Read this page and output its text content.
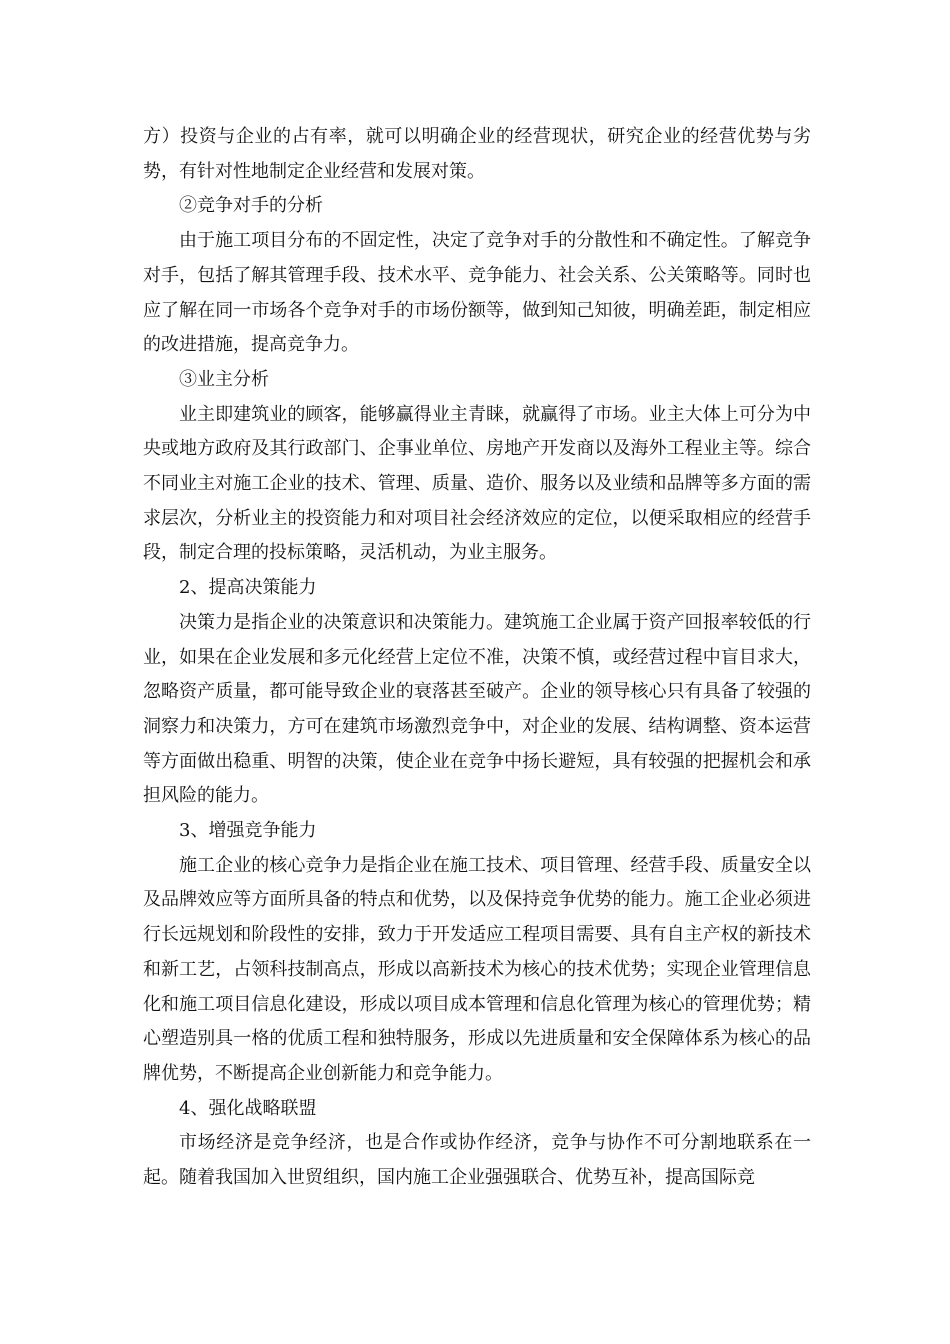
方）投资与企业的占有率，就可以明确企业的经营现状，研究企业的经营优势与劣势，有针对性地制定企业经营和发展对策。

②竞争对手的分析

由于施工项目分布的不固定性，决定了竞争对手的分散性和不确定性。了解竞争对手，包括了解其管理手段、技术水平、竞争能力、社会关系、公关策略等。同时也应了解在同一市场各个竞争对手的市场份额等，做到知己知彼，明确差距，制定相应的改进措施，提高竞争力。

③业主分析

业主即建筑业的顾客，能够赢得业主青睐，就赢得了市场。业主大体上可分为中央或地方政府及其行政部门、企事业单位、房地产开发商以及海外工程业主等。综合不同业主对施工企业的技术、管理、质量、造价、服务以及业绩和品牌等多方面的需求层次，分析业主的投资能力和对项目社会经济效应的定位，以便采取相应的经营手段，制定合理的投标策略，灵活机动，为业主服务。

2、提高决策能力

决策力是指企业的决策意识和决策能力。建筑施工企业属于资产回报率较低的行业，如果在企业发展和多元化经营上定位不准，决策不慎，或经营过程中盲目求大，忽略资产质量，都可能导致企业的衰落甚至破产。企业的领导核心只有具备了较强的洞察力和决策力，方可在建筑市场激烈竞争中，对企业的发展、结构调整、资本运营等方面做出稳重、明智的决策，使企业在竞争中扬长避短，具有较强的把握机会和承担风险的能力。

3、增强竞争能力

施工企业的核心竞争力是指企业在施工技术、项目管理、经营手段、质量安全以及品牌效应等方面所具备的特点和优势，以及保持竞争优势的能力。施工企业必须进行长远规划和阶段性的安排，致力于开发适应工程项目需要、具有自主产权的新技术和新工艺，占领科技制高点，形成以高新技术为核心的技术优势；实现企业管理信息化和施工项目信息化建设，形成以项目成本管理和信息化管理为核心的管理优势；精心塑造别具一格的优质工程和独特服务，形成以先进质量和安全保障体系为核心的品牌优势，不断提高企业创新能力和竞争能力。

4、强化战略联盟

市场经济是竞争经济，也是合作或协作经济，竞争与协作不可分割地联系在一起。随着我国加入世贸组织，国内施工企业强强联合、优势互补，提高国际竞
